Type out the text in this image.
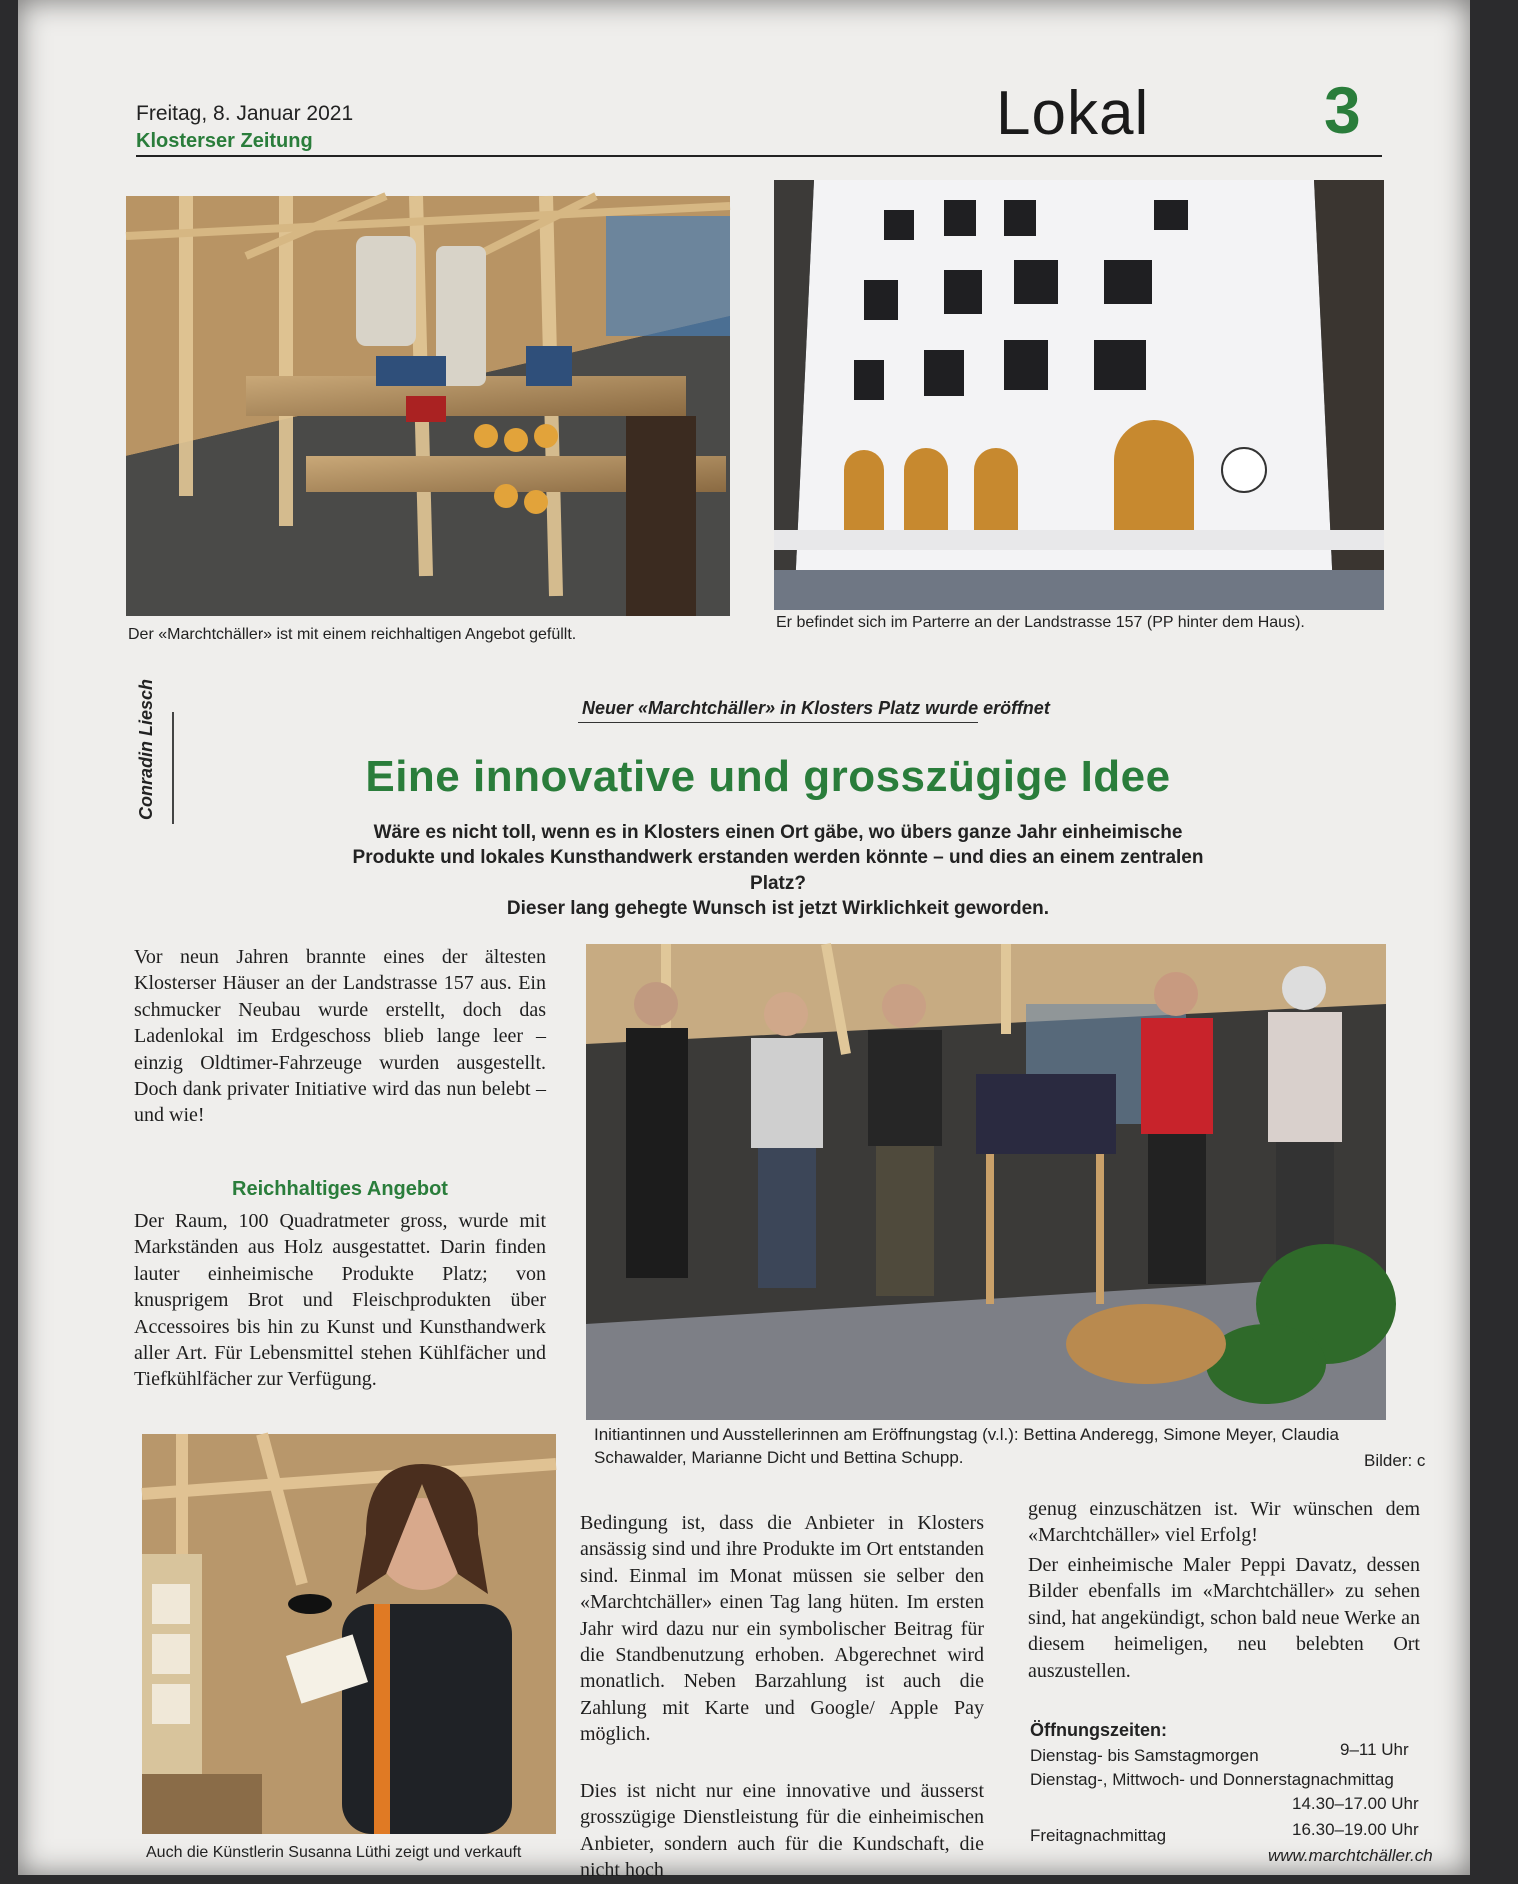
Freitag, 8. Januar 2021
Klosterser Zeitung	Lokal	3
Der «Marchtchäller» ist mit einem reichhaltigen Angebot gefüllt.
Er befindet sich im Parterre an der Landstrasse 157 (PP hinter dem Haus).
Neuer «Marchtchäller» in Klosters Platz wurde eröffnet
Conradin Liesch	Eine innovative und grosszügige Idee
Wäre es nicht toll, wenn es in Klosters einen Ort gäbe, wo übers ganze Jahr einheimische
Produkte und lokales Kunsthandwerk erstanden werden könnte – und dies an einem zentralen Platz?
Dieser lang gehegte Wunsch ist jetzt Wirklichkeit geworden.
Vor neun Jahren brannte eines der ältesten Klosterser Häuser an der Landstrasse 157 aus. Ein schmucker Neubau wurde erstellt, doch das Ladenlokal im Erdgeschoss blieb lange leer – einzig Oldtimer-Fahrzeuge wurden ausgestellt. Doch dank privater Initiative wird das nun belebt – und wie!
Reichhaltiges Angebot
Der Raum, 100 Quadratmeter gross, wurde mit Markständen aus Holz ausgestattet. Darin finden lauter einheimische Produkte Platz; von knusprigem Brot und Fleischprodukten über Accessoires bis hin zu Kunst und Kunsthandwerk aller Art. Für Lebensmittel stehen Kühlfächer und Tiefkühlfächer zur Verfügung.
Initiantinnen und Ausstellerinnen am Eröffnungstag (v.l.): Bettina Anderegg, Simone Meyer, Claudia Schawalder, Marianne Dicht und Bettina Schupp.	Bilder: c
Auch die Künstlerin Susanna Lüthi zeigt und verkauft
Bedingung ist, dass die Anbieter in Klosters ansässig sind und ihre Produkte im Ort entstanden sind. Einmal im Monat müssen sie selber den «Marchtchäller» einen Tag lang hüten. Im ersten Jahr wird dazu nur ein symbolischer Beitrag für die Standbenutzung erhoben. Abgerechnet wird monatlich. Neben Barzahlung ist auch die Zahlung mit Karte und Google/ Apple Pay möglich.
Dies ist nicht nur eine innovative und äusserst grosszügige Dienstleistung für die einheimischen Anbieter, sondern auch für die Kundschaft, die nicht hoch
genug einzuschätzen ist. Wir wünschen dem «Marchtchäller» viel Erfolg!
Der einheimische Maler Peppi Davatz, dessen Bilder ebenfalls im «Marchtchäller» zu sehen sind, hat angekündigt, schon bald neue Werke an diesem heimeligen, neu belebten Ort auszustellen.
Öffnungszeiten:
Dienstag- bis Samstagmorgen	9–11 Uhr
Dienstag-, Mittwoch- und Donnerstagnachmittag
14.30–17.00 Uhr
Freitagnachmittag	16.30–19.00 Uhr
www.marchtchäller.ch
